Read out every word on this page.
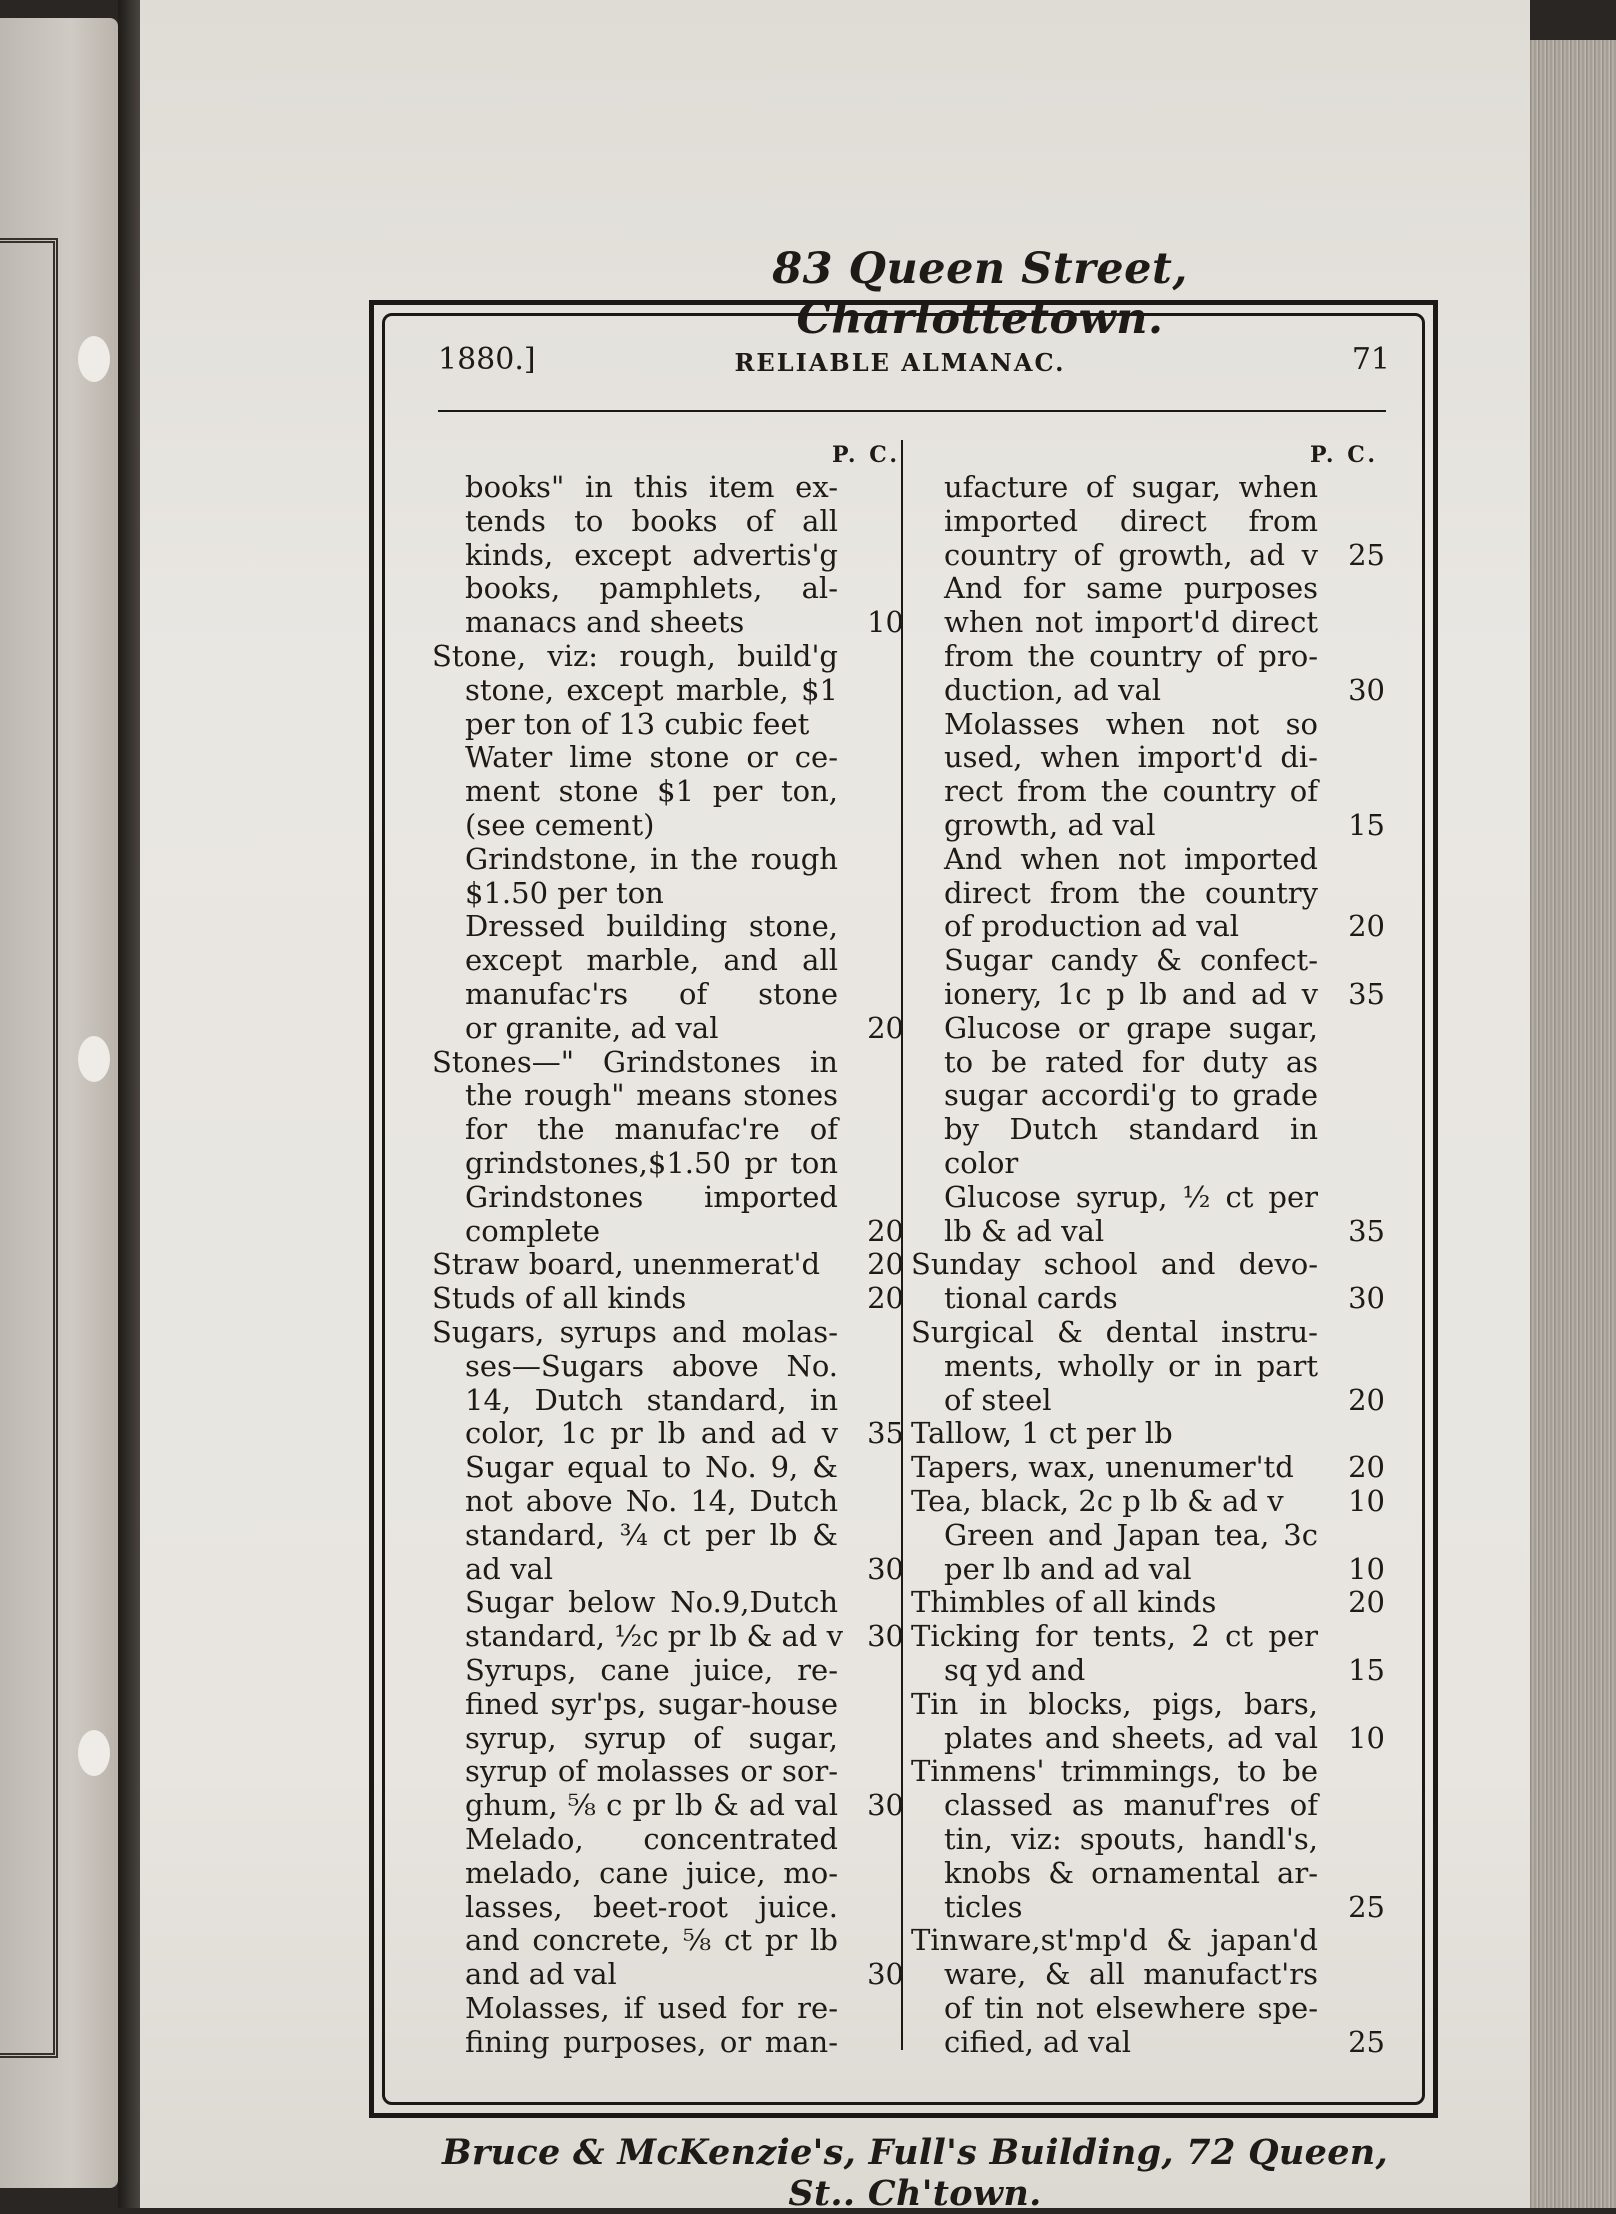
83 Queen Street, Charlottetown.
1880.]	RELIABLE ALMANAC.	71
P. C.	P. C.
books" in this item ex-
tends to books of all
kinds, except advertis'g
books, pamphlets, al-
manacs and sheets	10
Stone, viz: rough, build'g
stone, except marble, $1
per ton of 13 cubic feet
Water lime stone or ce-
ment stone $1 per ton,
(see cement)
Grindstone, in the rough
$1.50 per ton
Dressed building stone,
except marble, and all
manufac'rs of stone
or granite, ad val	20
Stones—" Grindstones in
the rough" means stones
for the manufac're of
grindstones,$1.50 pr ton
Grindstones imported
complete	20
Straw board, unenmerat'd	20
Studs of all kinds	20
Sugars, syrups and molas-
ses—Sugars above No.
14, Dutch standard, in
color, 1c pr lb and ad v	35
Sugar equal to No. 9, &
not above No. 14, Dutch
standard, ¾ ct per lb &
ad val	30
Sugar below No.9,Dutch
standard, ½c pr lb & ad v 30
Syrups, cane juice, re-
fined syr'ps, sugar-house
syrup, syrup of sugar,
syrup of molasses or sor-
ghum, ⅝ c pr lb & ad val	30
Melado, concentrated
melado, cane juice, mo-
lasses, beet-root juice.
and concrete, ⅝ ct pr lb
and ad val	30
Molasses, if used for re-
fining purposes, or man-
ufacture of sugar, when
imported direct from
country of growth, ad v	25
And for same purposes
when not import'd direct
from the country of pro-
duction, ad val	30
Molasses when not so
used, when import'd di-
rect from the country of
growth, ad val	15
And when not imported
direct from the country
of production ad val	20
Sugar candy & confect-
ionery, 1c p lb and ad v	35
Glucose or grape sugar,
to be rated for duty as
sugar accordi'g to grade
by Dutch standard in
color
Glucose syrup, ½ ct per
lb & ad val	35
Sunday school and devo-
tional cards	30
Surgical & dental instru-
ments, wholly or in part
of steel	20
Tallow, 1 ct per lb
Tapers, wax, unenumer'td	20
Tea, black, 2c p lb & ad v	10
Green and Japan tea, 3c
per lb and ad val	10
Thimbles of all kinds	20
Ticking for tents, 2 ct per
sq yd and	15
Tin in blocks, pigs, bars,
plates and sheets, ad val	10
Tinmens' trimmings, to be
classed as manuf'res of
tin, viz: spouts, handl's,
knobs & ornamental ar-
ticles	25
Tinware,st'mp'd & japan'd
ware, & all manufact'rs
of tin not elsewhere spe-
cified, ad val	25
Bruce & McKenzie's, Full's Building, 72 Queen, St.. Ch'town.
